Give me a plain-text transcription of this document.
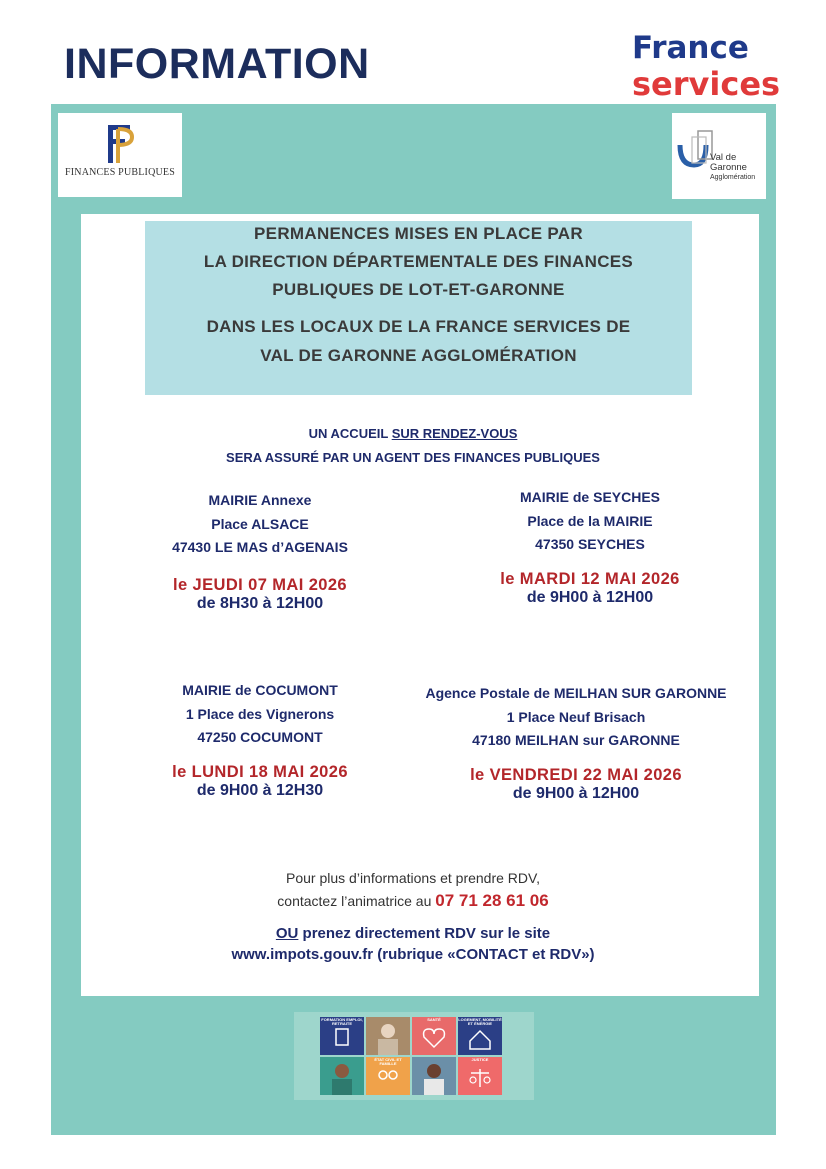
INFORMATION	France
services
FINANCES PUBLIQUES
Val de
Garonne
Agglomération
PERMANENCES MISES EN PLACE PAR
LA DIRECTION DÉPARTEMENTALE DES FINANCES
PUBLIQUES DE LOT-ET-GARONNE
DANS LES LOCAUX DE LA FRANCE SERVICES DE
VAL DE GARONNE AGGLOMÉRATION
UN ACCUEIL SUR RENDEZ-VOUS
SERA ASSURÉ PAR UN AGENT DES FINANCES PUBLIQUES
MAIRIE Annexe
Place ALSACE
47430 LE MAS d’AGENAIS
le JEUDI 07 MAI 2026
de 8H30 à 12H00
MAIRIE de SEYCHES
Place de la MAIRIE
47350 SEYCHES
le MARDI 12 MAI 2026
de 9H00 à 12H00
MAIRIE de COCUMONT
1 Place des Vignerons
47250 COCUMONT
le LUNDI 18 MAI 2026
de 9H00 à 12H30
Agence Postale de MEILHAN SUR GARONNE
1 Place Neuf Brisach
47180 MEILHAN sur GARONNE
le VENDREDI 22 MAI 2026
de 9H00 à 12H00
Pour plus d’informations et prendre RDV,
contactez l’animatrice au 07 71 28 61 06
OU prenez directement RDV sur le site
www.impots.gouv.fr (rubrique «CONTACT et RDV»)
FORMATION EMPLOI, RETRAITE
SANTÉ	LOGEMENT, MOBILITÉ ET ÉNERGIE
ÉTAT CIVIL ET FAMILLE
JUSTICE
